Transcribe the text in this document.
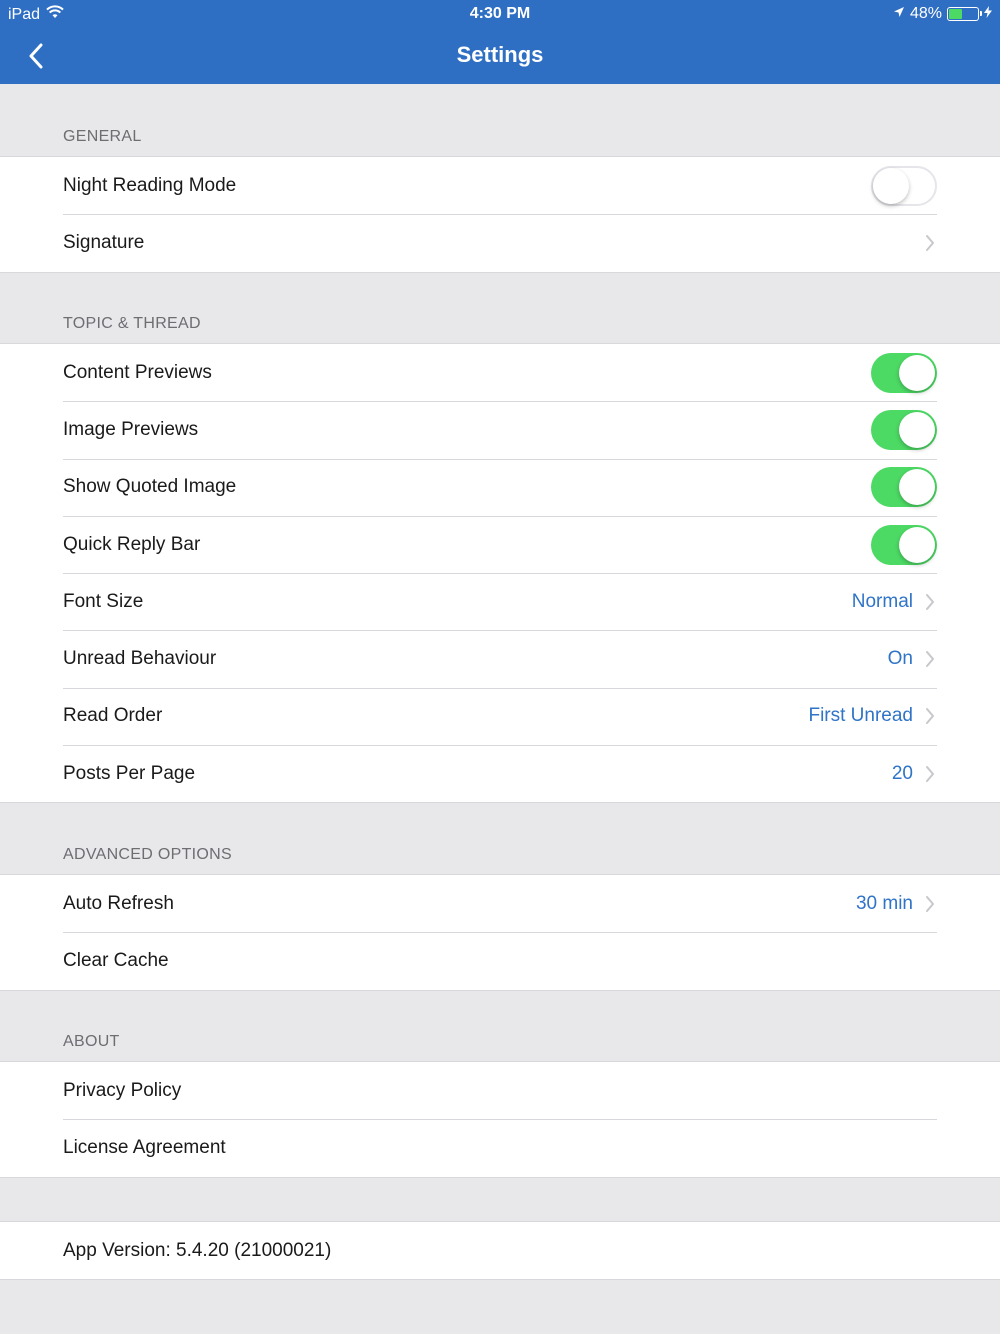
iPad	4:30 PM	48%
Settings
GENERAL
Night Reading Mode
Signature
TOPIC & THREAD
Content Previews
Image Previews
Show Quoted Image
Quick Reply Bar
Font Size	Normal
Unread Behaviour	On
Read Order	First Unread
Posts Per Page	20
ADVANCED OPTIONS
Auto Refresh	30 min
Clear Cache
ABOUT
Privacy Policy
License Agreement
App Version: 5.4.20 (21000021)
